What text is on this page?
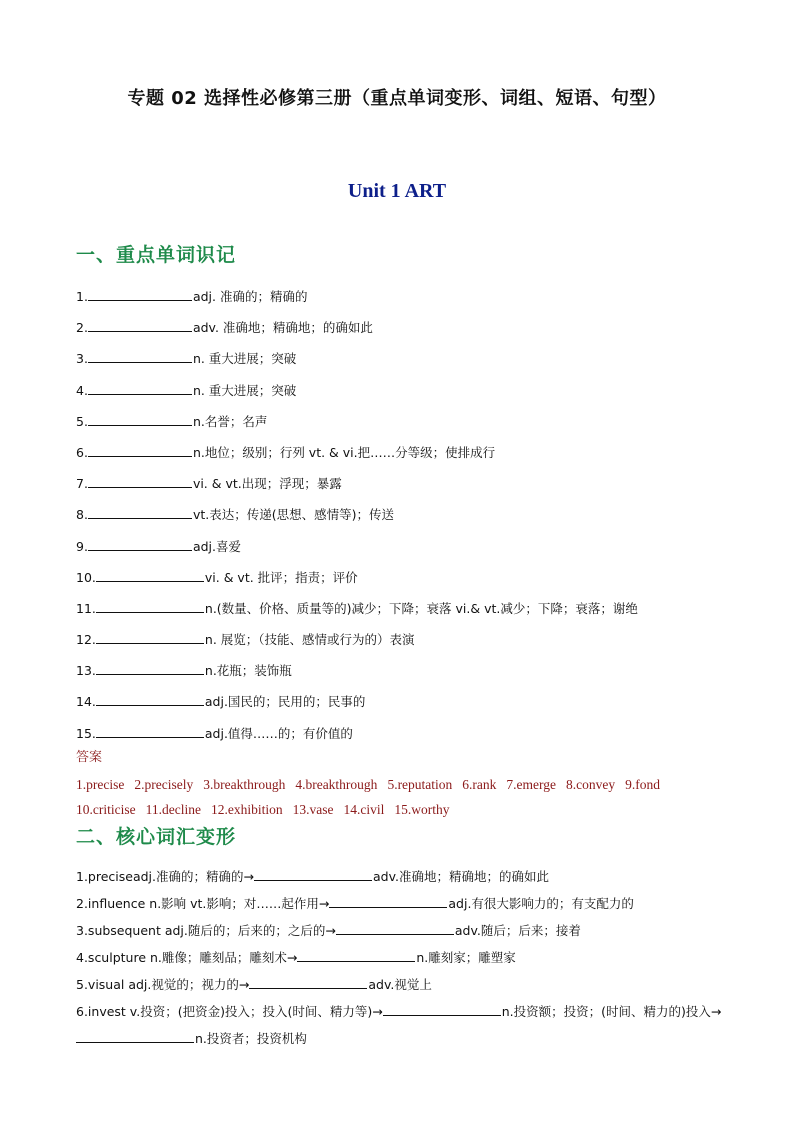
专题 02 选择性必修第三册（重点单词变形、词组、短语、句型）
Unit 1 ART
一、重点单词识记
1.	adj. 准确的；精确的
2.	adv. 准确地；精确地；的确如此
3.	n. 重大进展；突破
4.	n. 重大进展；突破
5.	n.名誉；名声
6.	n.地位；级别；行列 vt. & vi.把……分等级；使排成行
7.	vi. & vt.出现；浮现；暴露
8.	vt.表达；传递(思想、感情等)；传送
9.	adj.喜爱
10.	vi. & vt. 批评；指责；评价
11.	n.(数量、价格、质量等的)减少；下降；衰落 vi.& vt.减少；下降；衰落；谢绝
12.	n. 展览；（技能、感情或行为的）表演
13.	n.花瓶；装饰瓶
14.	adj.国民的；民用的；民事的
15.	adj.值得……的；有价值的
答案
1.precise 2.precisely 3.breakthrough 4.breakthrough 5.reputation 6.rank 7.emerge 8.convey 9.fond
10.criticise 11.decline 12.exhibition 13.vase 14.civil 15.worthy
二、核心词汇变形
1.preciseadj.准确的；精确的→	adv.准确地；精确地；的确如此
2.influence n.影响 vt.影响；对……起作用→	adj.有很大影响力的；有支配力的
3.subsequent adj.随后的；后来的；之后的→	adv.随后；后来；接着
4.sculpture n.雕像；雕刻品；雕刻术→	n.雕刻家；雕塑家
5.visual adj.视觉的；视力的→	adv.视觉上
6.invest v.投资；(把资金)投入；投入(时间、精力等)→	n.投资额；投资；(时间、精力的)投入→n.投资者；投资机构
